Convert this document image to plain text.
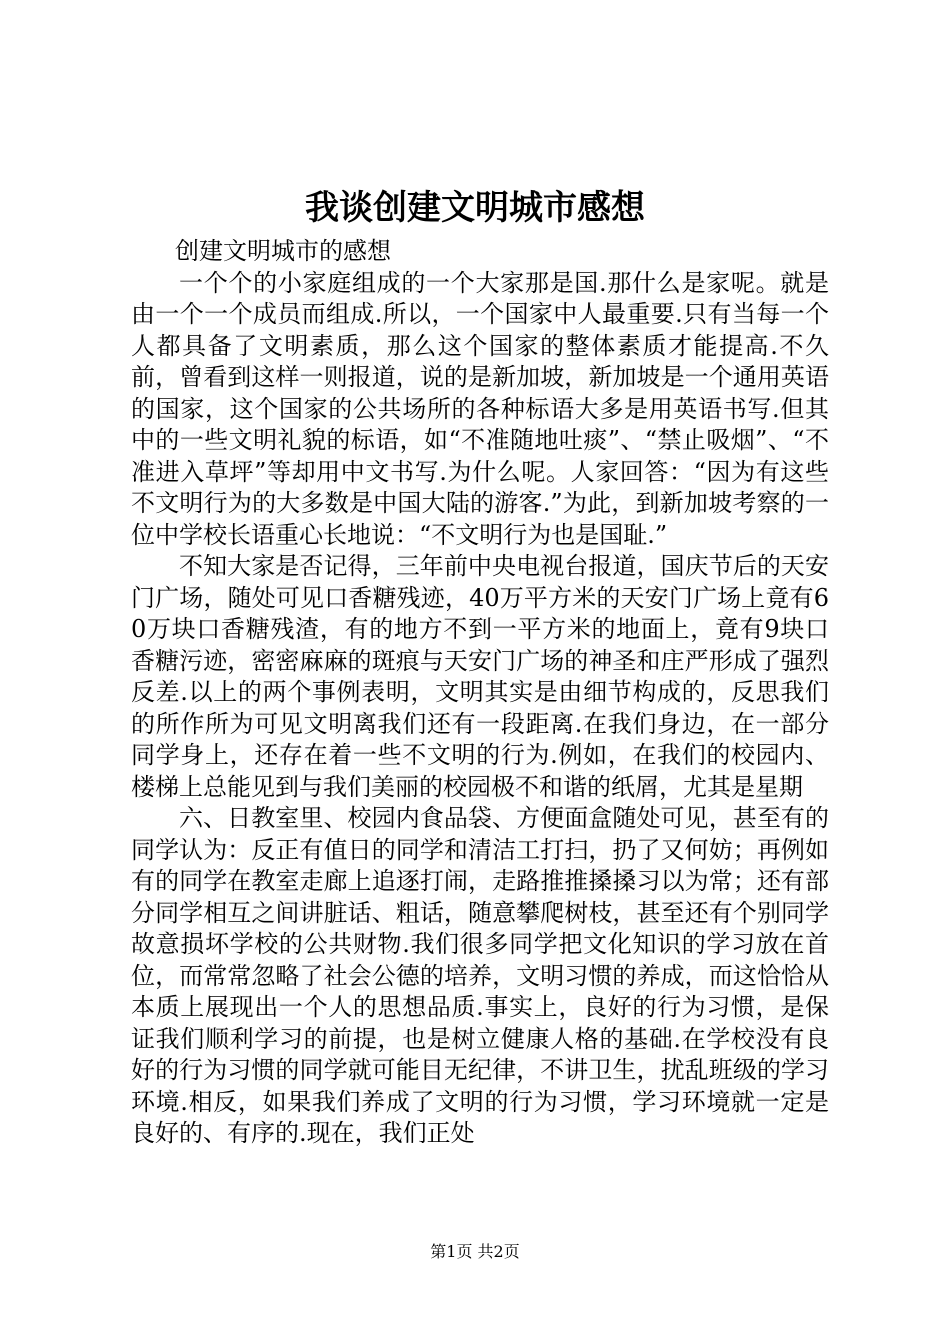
我谈创建文明城市感想

创建文明城市的感想

一个个的小家庭组成的一个大家那是国.那什么是家呢。就是由一个一个成员而组成.所以，一个国家中人最重要.只有当每一个人都具备了文明素质，那么这个国家的整体素质才能提高.不久前，曾看到这样一则报道，说的是新加坡，新加坡是一个通用英语的国家，这个国家的公共场所的各种标语大多是用英语书写.但其中的一些文明礼貌的标语，如“不准随地吐痰”、“禁止吸烟”、“不准进入草坪”等却用中文书写.为什么呢。人家回答：“因为有这些不文明行为的大多数是中国大陆的游客.”为此，到新加坡考察的一位中学校长语重心长地说：“不文明行为也是国耻.”

不知大家是否记得，三年前中央电视台报道，国庆节后的天安门广场，随处可见口香糖残迹，40万平方米的天安门广场上竟有60万块口香糖残渣，有的地方不到一平方米的地面上，竟有9块口香糖污迹，密密麻麻的斑痕与天安门广场的神圣和庄严形成了强烈反差.以上的两个事例表明，文明其实是由细节构成的，反思我们的所作所为可见文明离我们还有一段距离.在我们身边，在一部分同学身上，还存在着一些不文明的行为.例如，在我们的校园内、楼梯上总能见到与我们美丽的校园极不和谐的纸屑，尤其是星期

六、日教室里、校园内食品袋、方便面盒随处可见，甚至有的同学认为：反正有值日的同学和清洁工打扫，扔了又何妨；再例如有的同学在教室走廊上追逐打闹，走路推推搡搡习以为常；还有部分同学相互之间讲脏话、粗话，随意攀爬树枝，甚至还有个别同学故意损坏学校的公共财物.我们很多同学把文化知识的学习放在首位，而常常忽略了社会公德的培养，文明习惯的养成，而这恰恰从本质上展现出一个人的思想品质.事实上，良好的行为习惯，是保证我们顺利学习的前提，也是树立健康人格的基础.在学校没有良好的行为习惯的同学就可能目无纪律，不讲卫生，扰乱班级的学习环境.相反，如果我们养成了文明的行为习惯，学习环境就一定是良好的、有序的.现在，我们正处

第1页 共2页
